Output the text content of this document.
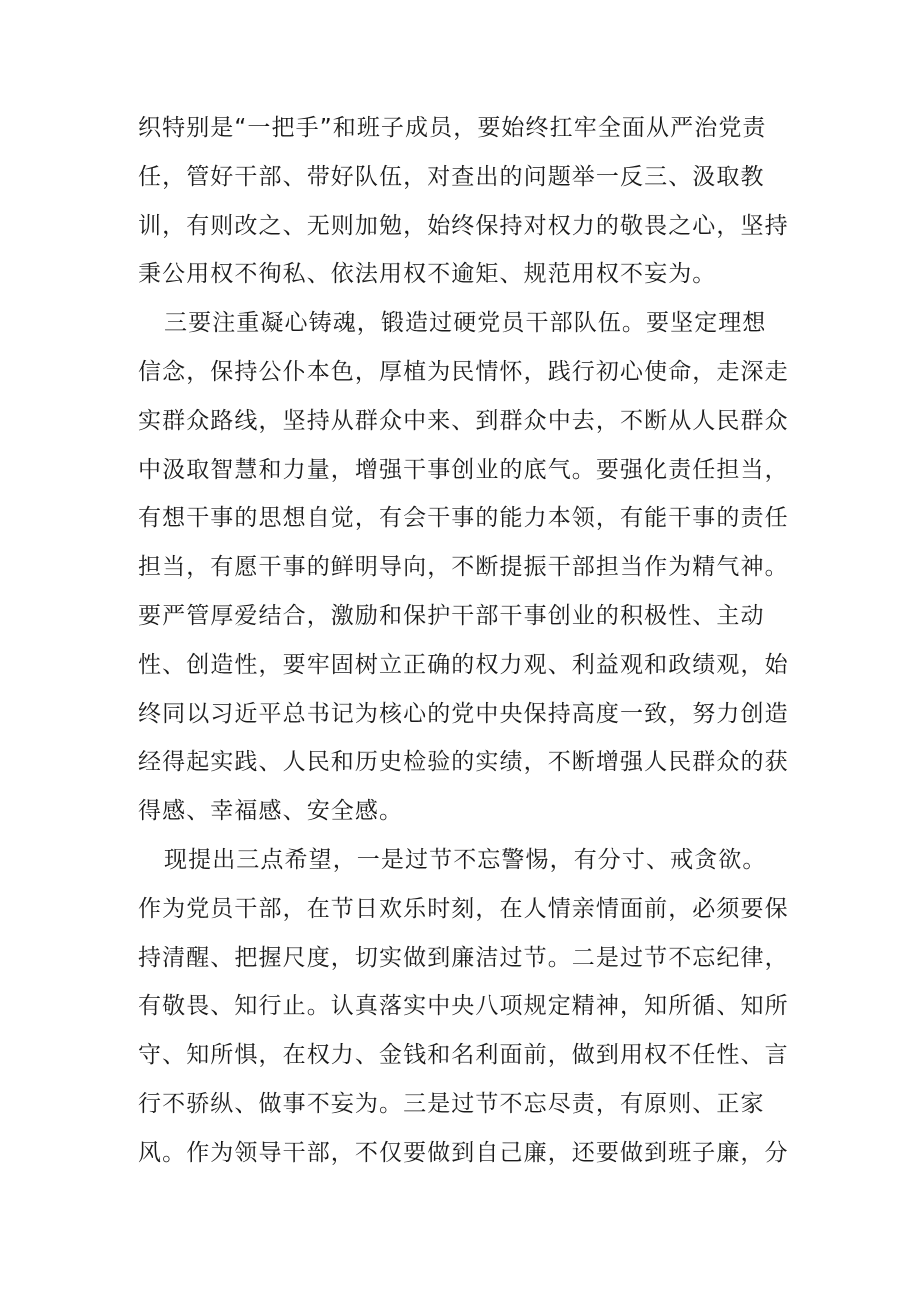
织特别是“一把手”和班子成员，要始终扛牢全面从严治党责
任，管好干部、带好队伍，对查出的问题举一反三、汲取教
训，有则改之、无则加勉，始终保持对权力的敬畏之心，坚持
秉公用权不徇私、依法用权不逾矩、规范用权不妄为。
三要注重凝心铸魂，锻造过硬党员干部队伍。要坚定理想
信念，保持公仆本色，厚植为民情怀，践行初心使命，走深走
实群众路线，坚持从群众中来、到群众中去，不断从人民群众
中汲取智慧和力量，增强干事创业的底气。要强化责任担当，
有想干事的思想自觉，有会干事的能力本领，有能干事的责任
担当，有愿干事的鲜明导向，不断提振干部担当作为精气神。
要严管厚爱结合，激励和保护干部干事创业的积极性、主动
性、创造性，要牢固树立正确的权力观、利益观和政绩观，始
终同以习近平总书记为核心的党中央保持高度一致，努力创造
经得起实践、人民和历史检验的实绩，不断增强人民群众的获
得感、幸福感、安全感。
现提出三点希望，一是过节不忘警惕，有分寸、戒贪欲。
作为党员干部，在节日欢乐时刻，在人情亲情面前，必须要保
持清醒、把握尺度，切实做到廉洁过节。二是过节不忘纪律，
有敬畏、知行止。认真落实中央八项规定精神，知所循、知所
守、知所惧，在权力、金钱和名利面前，做到用权不任性、言
行不骄纵、做事不妄为。三是过节不忘尽责，有原则、正家
风。作为领导干部，不仅要做到自己廉，还要做到班子廉，分
